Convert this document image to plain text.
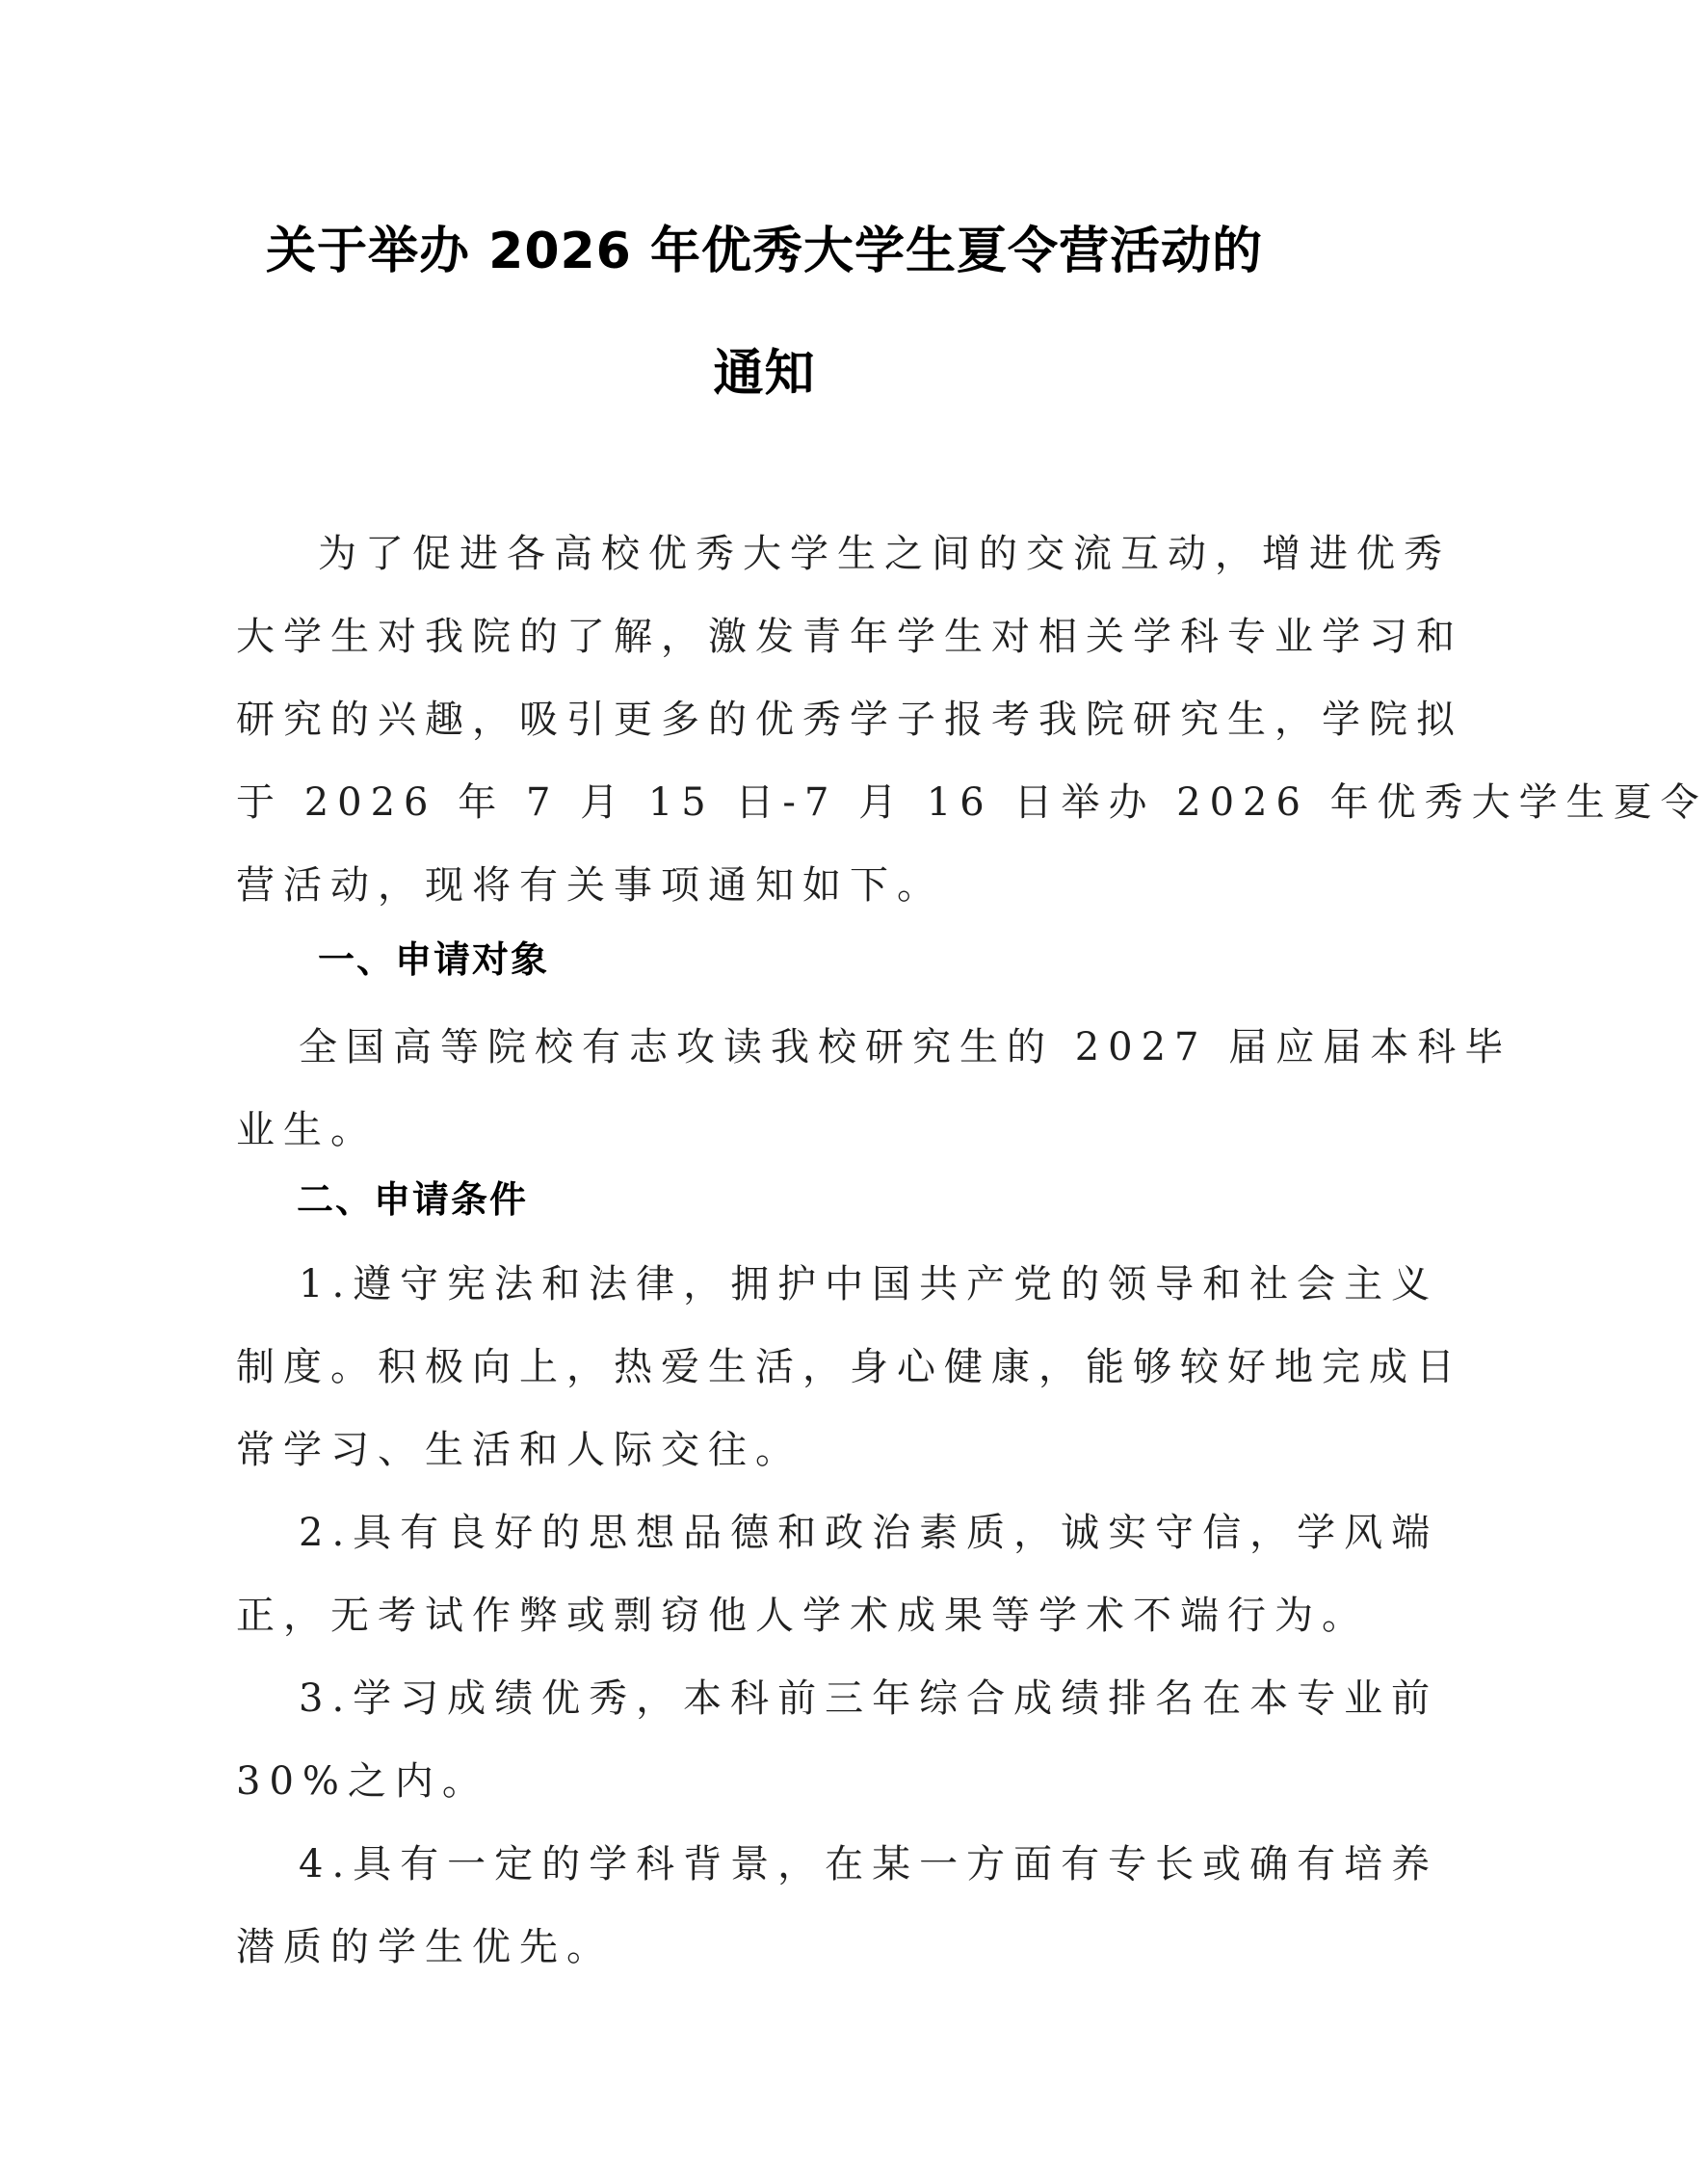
关于举办 2026 年优秀大学生夏令营活动的
通知

为了促进各高校优秀大学生之间的交流互动，增进优秀

大学生对我院的了解，激发青年学生对相关学科专业学习和

研究的兴趣，吸引更多的优秀学子报考我院研究生，学院拟

于 2026 年 7 月 15 日-7 月 16 日举办 2026 年优秀大学生夏令

营活动，现将有关事项通知如下。

一、申请对象

全国高等院校有志攻读我校研究生的 2027 届应届本科毕

业生。

二、申请条件

1.遵守宪法和法律，拥护中国共产党的领导和社会主义

制度。积极向上，热爱生活，身心健康，能够较好地完成日

常学习、生活和人际交往。

2.具有良好的思想品德和政治素质，诚实守信，学风端

正，无考试作弊或剽窃他人学术成果等学术不端行为。

3.学习成绩优秀，本科前三年综合成绩排名在本专业前

30%之内。

4.具有一定的学科背景，在某一方面有专长或确有培养

潜质的学生优先。
